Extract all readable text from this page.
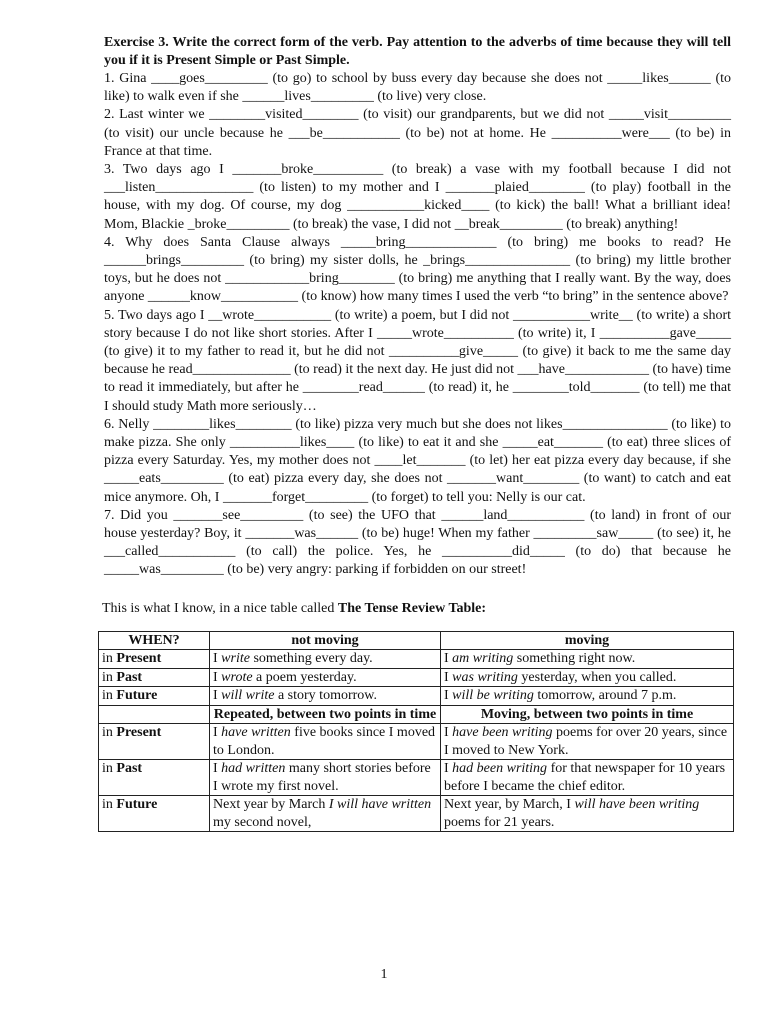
Exercise 3. Write the correct form of the verb. Pay attention to the adverbs of time because they will tell you if it is Present Simple or Past Simple.

1. Gina ____goes_________ (to go) to school by buss every day because she does not _____likes______ (to like) to walk even if she ______lives_________ (to live) very close.

2. Last winter we ________visited________ (to visit) our grandparents, but we did not _____visit_________ (to visit) our uncle because he ___be___________ (to be) not at home. He __________were___ (to be) in France at that time.

3. Two days ago I _______broke__________ (to break) a vase with my football because I did not ___listen______________ (to listen) to my mother and I _______plaied________ (to play) football in the house, with my dog. Of course, my dog ___________kicked____ (to kick) the ball! What a brilliant idea! Mom, Blackie _broke_________ (to break) the vase, I did not __break_________ (to break) anything!

4. Why does Santa Clause always _____bring_____________ (to bring) me books to read? He ______brings_________ (to bring) my sister dolls, he _brings_______________ (to bring) my little brother toys, but he does not ____________bring________ (to bring) me anything that I really want. By the way, does anyone ______know___________ (to know) how many times I used the verb “to bring” in the sentence above?

5. Two days ago I __wrote___________ (to write) a poem, but I did not ___________write__ (to write) a short story because I do not like short stories. After I _____wrote__________ (to write) it, I __________gave_____ (to give) it to my father to read it, but he did not __________give_____ (to give) it back to me the same day because he read______________ (to read) it the next day. He just did not ___have____________ (to have) time to read it immediately, but after he ________read______ (to read) it, he ________told_______ (to tell) me that I should study Math more seriously…

6. Nelly ________likes________ (to like) pizza very much but she does not likes_______________ (to like) to make pizza. She only __________likes____ (to like) to eat it and she _____eat_______ (to eat) three slices of pizza every Saturday. Yes, my mother does not ____let_______ (to let) her eat pizza every day because, if she _____eats_________ (to eat) pizza every day, she does not _______want________ (to want) to catch and eat mice anymore. Oh, I _______forget_________ (to forget) to tell you: Nelly is our cat.

7. Did you _______see_________ (to see) the UFO that ______land___________ (to land) in front of our house yesterday? Boy, it _______was______ (to be) huge! When my father _________saw_____ (to see) it, he ___called___________ (to call) the police. Yes, he __________did_____ (to do) that because he _____was_________ (to be) very angry: parking if forbidden on our street!

This is what I know, in a nice table called The Tense Review Table:

WHEN?	not moving	moving
in Present	I write something every day.	I am writing something right now.
in Past	I wrote a poem yesterday.	I was writing yesterday, when you called.
in Future	I will write a story tomorrow.	I will be writing tomorrow, around 7 p.m.
	Repeated, between two points in time	Moving, between two points in time
in Present	I have written five books since I moved to London.	I have been writing poems for over 20 years, since I moved to New York.
in Past	I had written many short stories before I wrote my first novel.	I had been writing for that newspaper for 10 years before I became the chief editor.
in Future	Next year by March I will have written my second novel,	Next year, by March, I will have been writing poems for 21 years.
1
